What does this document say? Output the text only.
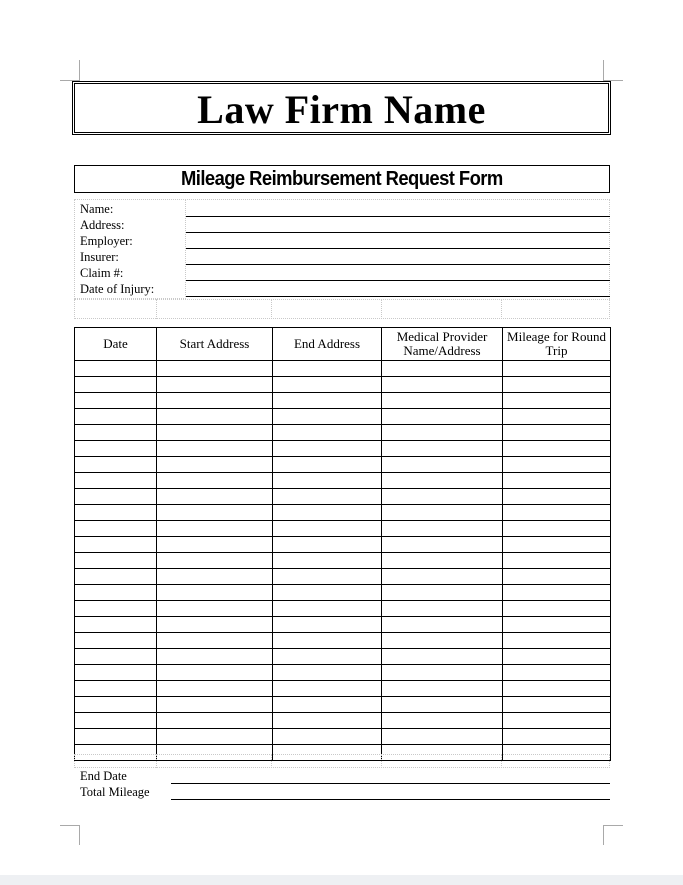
Law Firm Name
Mileage Reimbursement Request Form
Name:
Address:
Employer:
Insurer:
Claim #:
Date of Injury:
Date	Start Address	End Address	Medical Provider Name/Address	Mileage for Round Trip

End Date
Total Mileage
